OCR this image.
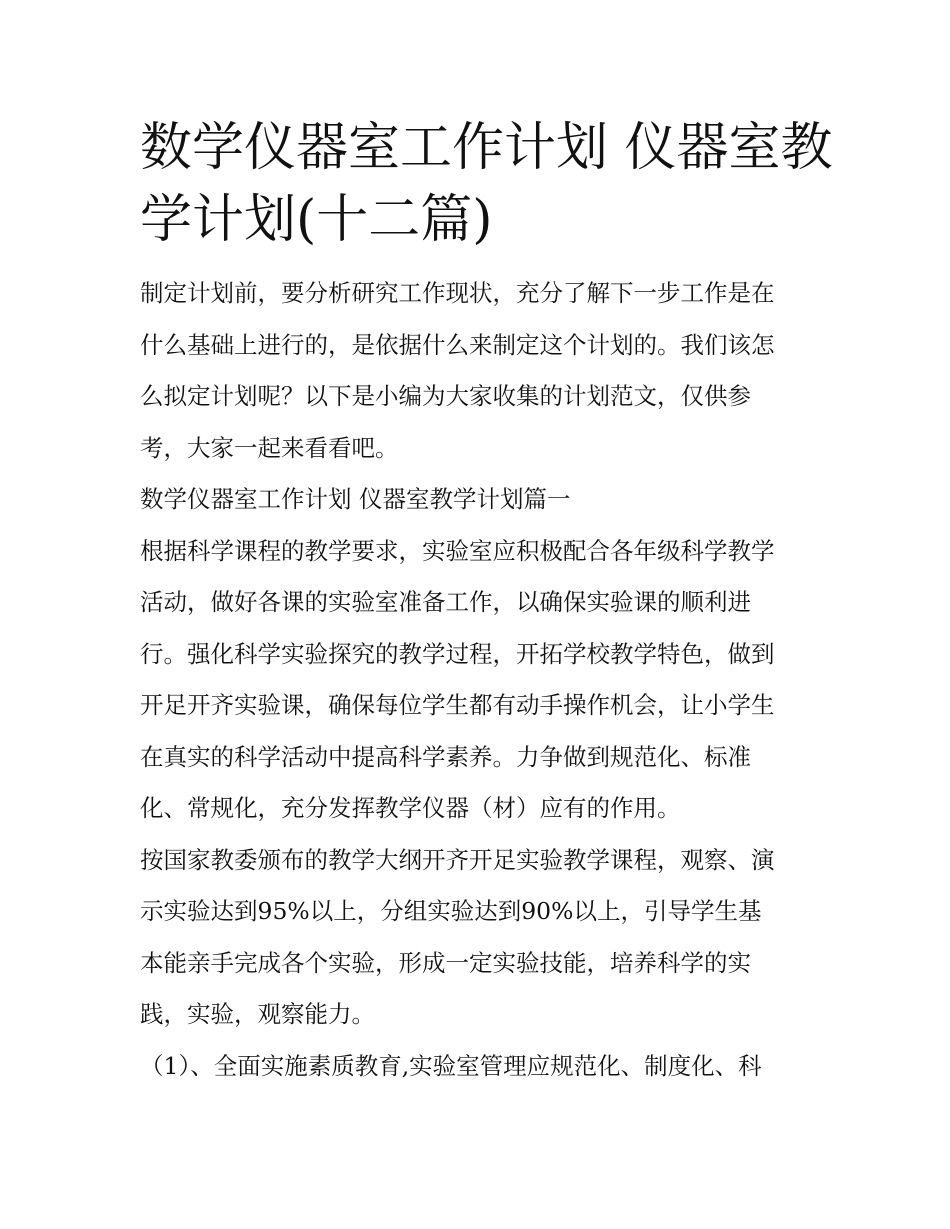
数学仪器室工作计划 仪器室教
学计划(十二篇)
制定计划前，要分析研究工作现状，充分了解下一步工作是在
什么基础上进行的，是依据什么来制定这个计划的。我们该怎
么拟定计划呢？以下是小编为大家收集的计划范文，仅供参
考，大家一起来看看吧。
数学仪器室工作计划 仪器室教学计划篇一
根据科学课程的教学要求，实验室应积极配合各年级科学教学
活动，做好各课的实验室准备工作，以确保实验课的顺利进
行。强化科学实验探究的教学过程，开拓学校教学特色，做到
开足开齐实验课，确保每位学生都有动手操作机会，让小学生
在真实的科学活动中提高科学素养。力争做到规范化、标准
化、常规化，充分发挥教学仪器（材）应有的作用。
按国家教委颁布的教学大纲开齐开足实验教学课程，观察、演
示实验达到95%以上，分组实验达到90%以上，引导学生基
本能亲手完成各个实验，形成一定实验技能，培养科学的实
践，实验，观察能力。
（1）、全面实施素质教育,实验室管理应规范化、制度化、科
